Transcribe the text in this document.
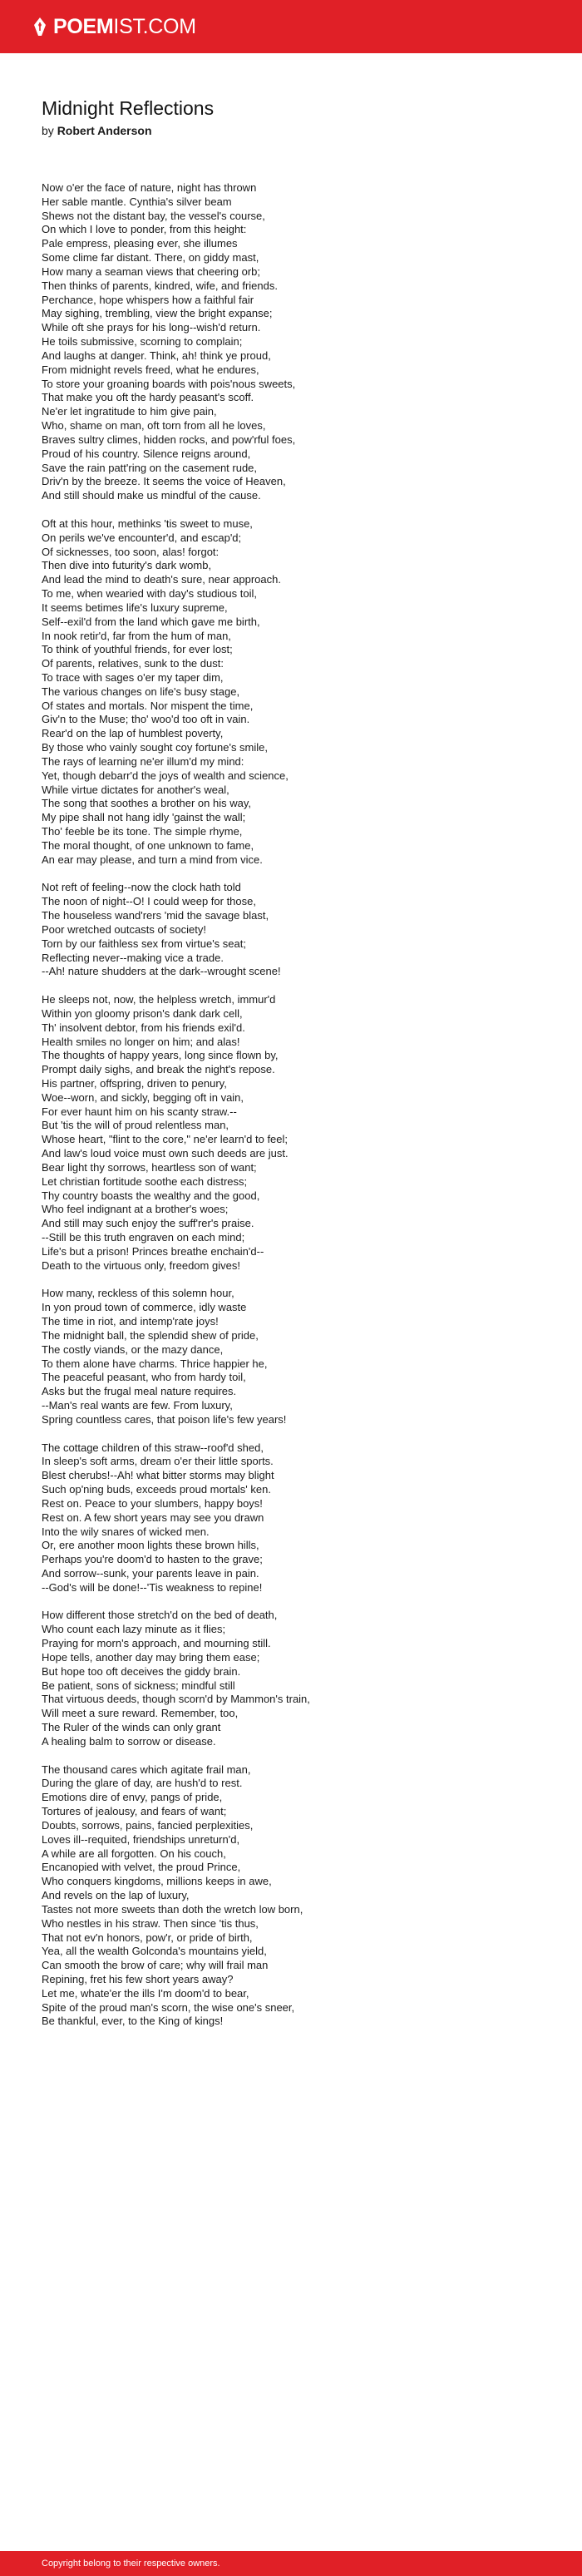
POEMIST.COM
Midnight Reflections
by Robert Anderson
Now o'er the face of nature, night has thrown
Her sable mantle. Cynthia's silver beam
Shews not the distant bay, the vessel's course,
On which I love to ponder, from this height:
Pale empress, pleasing ever, she illumes
Some clime far distant. There, on giddy mast,
How many a seaman views that cheering orb;
Then thinks of parents, kindred, wife, and friends.
Perchance, hope whispers how a faithful fair
May sighing, trembling, view the bright expanse;
While oft she prays for his long--wish'd return.
He toils submissive, scorning to complain;
And laughs at danger. Think, ah! think ye proud,
From midnight revels freed, what he endures,
To store your groaning boards with pois'nous sweets,
That make you oft the hardy peasant's scoff.
Ne'er let ingratitude to him give pain,
Who, shame on man, oft torn from all he loves,
Braves sultry climes, hidden rocks, and pow'rful foes,
Proud of his country. Silence reigns around,
Save the rain patt'ring on the casement rude,
Driv'n by the breeze. It seems the voice of Heaven,
And still should make us mindful of the cause.
Oft at this hour, methinks 'tis sweet to muse,
On perils we've encounter'd, and escap'd;
Of sicknesses, too soon, alas! forgot:
Then dive into futurity's dark womb,
And lead the mind to death's sure, near approach.
To me, when wearied with day's studious toil,
It seems betimes life's luxury supreme,
Self--exil'd from the land which gave me birth,
In nook retir'd, far from the hum of man,
To think of youthful friends, for ever lost;
Of parents, relatives, sunk to the dust:
To trace with sages o'er my taper dim,
The various changes on life's busy stage,
Of states and mortals. Nor mispent the time,
Giv'n to the Muse; tho' woo'd too oft in vain.
Rear'd on the lap of humblest poverty,
By those who vainly sought coy fortune's smile,
The rays of learning ne'er illum'd my mind:
Yet, though debarr'd the joys of wealth and science,
While virtue dictates for another's weal,
The song that soothes a brother on his way,
My pipe shall not hang idly 'gainst the wall;
Tho' feeble be its tone. The simple rhyme,
The moral thought, of one unknown to fame,
An ear may please, and turn a mind from vice.
Not reft of feeling--now the clock hath told
The noon of night--O! I could weep for those,
The houseless wand'rers 'mid the savage blast,
Poor wretched outcasts of society!
Torn by our faithless sex from virtue's seat;
Reflecting never--making vice a trade.
--Ah! nature shudders at the dark--wrought scene!
He sleeps not, now, the helpless wretch, immur'd
Within yon gloomy prison's dank dark cell,
Th' insolvent debtor, from his friends exil'd.
Health smiles no longer on him; and alas!
The thoughts of happy years, long since flown by,
Prompt daily sighs, and break the night's repose.
His partner, offspring, driven to penury,
Woe--worn, and sickly, begging oft in vain,
For ever haunt him on his scanty straw.--
But 'tis the will of proud relentless man,
Whose heart, "flint to the core," ne'er learn'd to feel;
And law's loud voice must own such deeds are just.
Bear light thy sorrows, heartless son of want;
Let christian fortitude soothe each distress;
Thy country boasts the wealthy and the good,
Who feel indignant at a brother's woes;
And still may such enjoy the suff'rer's praise.
--Still be this truth engraven on each mind;
Life's but a prison! Princes breathe enchain'd--
Death to the virtuous only, freedom gives!
How many, reckless of this solemn hour,
In yon proud town of commerce, idly waste
The time in riot, and intemp'rate joys!
The midnight ball, the splendid shew of pride,
The costly viands, or the mazy dance,
To them alone have charms. Thrice happier he,
The peaceful peasant, who from hardy toil,
Asks but the frugal meal nature requires.
--Man's real wants are few. From luxury,
Spring countless cares, that poison life's few years!
The cottage children of this straw--roof'd shed,
In sleep's soft arms, dream o'er their little sports.
Blest cherubs!--Ah! what bitter storms may blight
Such op'ning buds, exceeds proud mortals' ken.
Rest on. Peace to your slumbers, happy boys!
Rest on. A few short years may see you drawn
Into the wily snares of wicked men.
Or, ere another moon lights these brown hills,
Perhaps you're doom'd to hasten to the grave;
And sorrow--sunk, your parents leave in pain.
--God's will be done!--'Tis weakness to repine!
How different those stretch'd on the bed of death,
Who count each lazy minute as it flies;
Praying for morn's approach, and mourning still.
Hope tells, another day may bring them ease;
But hope too oft deceives the giddy brain.
Be patient, sons of sickness; mindful still
That virtuous deeds, though scorn'd by Mammon's train,
Will meet a sure reward. Remember, too,
The Ruler of the winds can only grant
A healing balm to sorrow or disease.
The thousand cares which agitate frail man,
During the glare of day, are hush'd to rest.
Emotions dire of envy, pangs of pride,
Tortures of jealousy, and fears of want;
Doubts, sorrows, pains, fancied perplexities,
Loves ill--requited, friendships unreturn'd,
A while are all forgotten. On his couch,
Encanopied with velvet, the proud Prince,
Who conquers kingdoms, millions keeps in awe,
And revels on the lap of luxury,
Tastes not more sweets than doth the wretch low born,
Who nestles in his straw. Then since 'tis thus,
That not ev'n honors, pow'r, or pride of birth,
Yea, all the wealth Golconda's mountains yield,
Can smooth the brow of care; why will frail man
Repining, fret his few short years away?
Let me, whate'er the ills I'm doom'd to bear,
Spite of the proud man's scorn, the wise one's sneer,
Be thankful, ever, to the King of kings!
Copyright belong to their respective owners.
